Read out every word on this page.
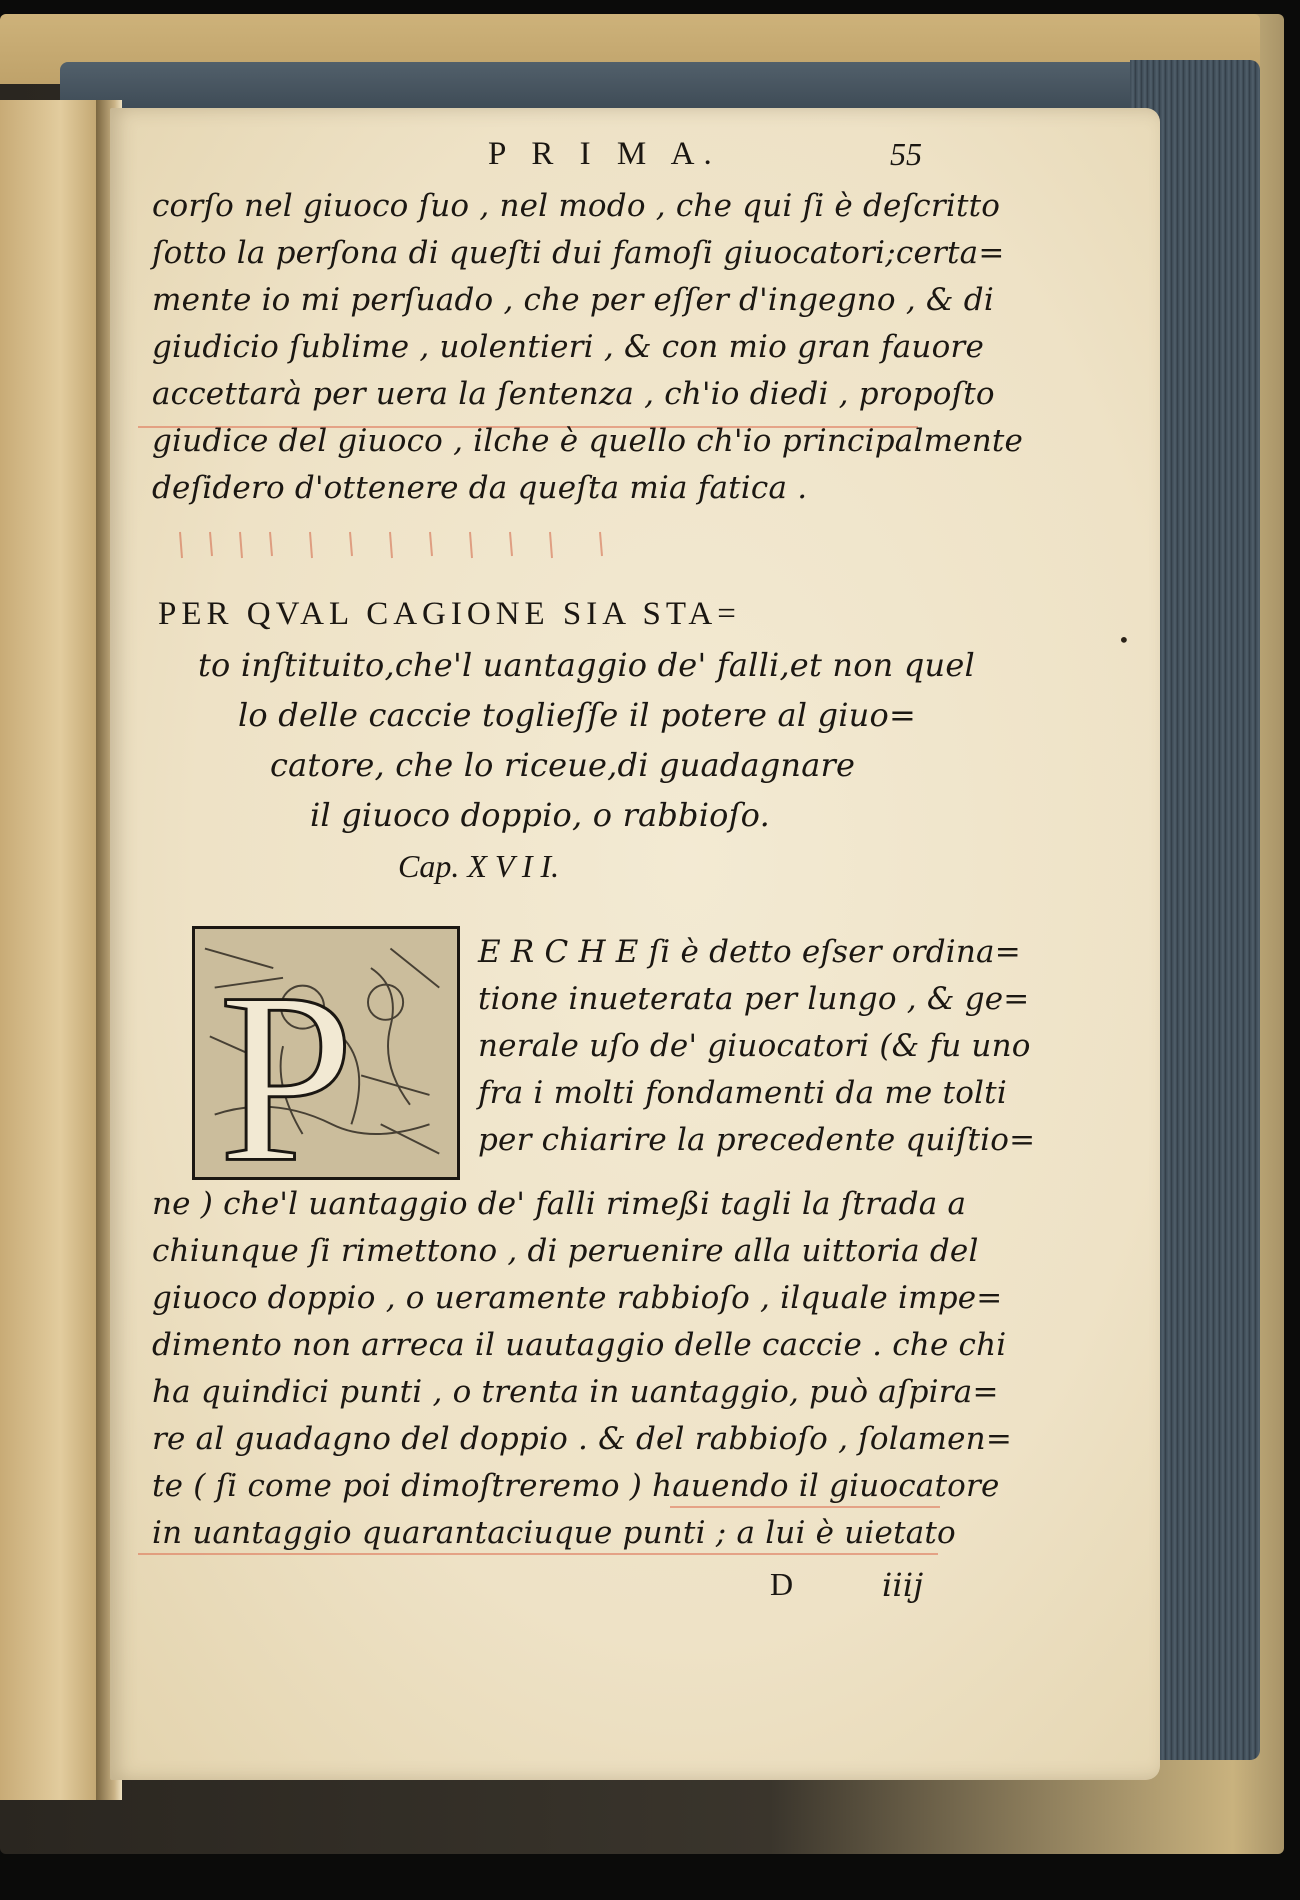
P R I M A.	55
corſo nel giuoco ſuo , nel modo , che qui ſi è deſcritto
ſotto la perſona di queſti dui famoſi giuocatori;certa=
mente io mi perſuado , che per eſſer d'ingegno , & di
giudicio ſublime , uolentieri , & con mio gran fauore
accettarà per uera la ſentenza , ch'io diedi , propoſto
giudice del giuoco , ilche è quello ch'io principalmente
deſidero d'ottenere da queſta mia fatica .
PER QVAL CAGIONE SIA STA=
to inſtituito,che'l uantaggio de' falli,et non quel
lo delle caccie toglieſſe il potere al giuo=
catore, che lo riceue,di guadagnare
il giuoco doppio, o rabbioſo.
Cap. X V I I.
P	E R C H E ſi è detto eſser ordina=
tione inueterata per lungo , & ge=
nerale uſo de' giuocatori (& fu uno
fra i molti fondamenti da me tolti
per chiarire la precedente quiſtio=
ne ) che'l uantaggio de' falli rimeßi tagli la ſtrada a
chiunque ſi rimettono , di peruenire alla uittoria del
giuoco doppio , o ueramente rabbioſo , ilquale impe=
dimento non arreca il uautaggio delle caccie . che chi
ha quindici punti , o trenta in uantaggio, può aſpira=
re al guadagno del doppio . & del rabbioſo , ſolamen=
te ( ſi come poi dimoſtreremo ) hauendo il giuocatore
in uantaggio quarantaciuque punti ; a lui è uietato
D	iiij
•
